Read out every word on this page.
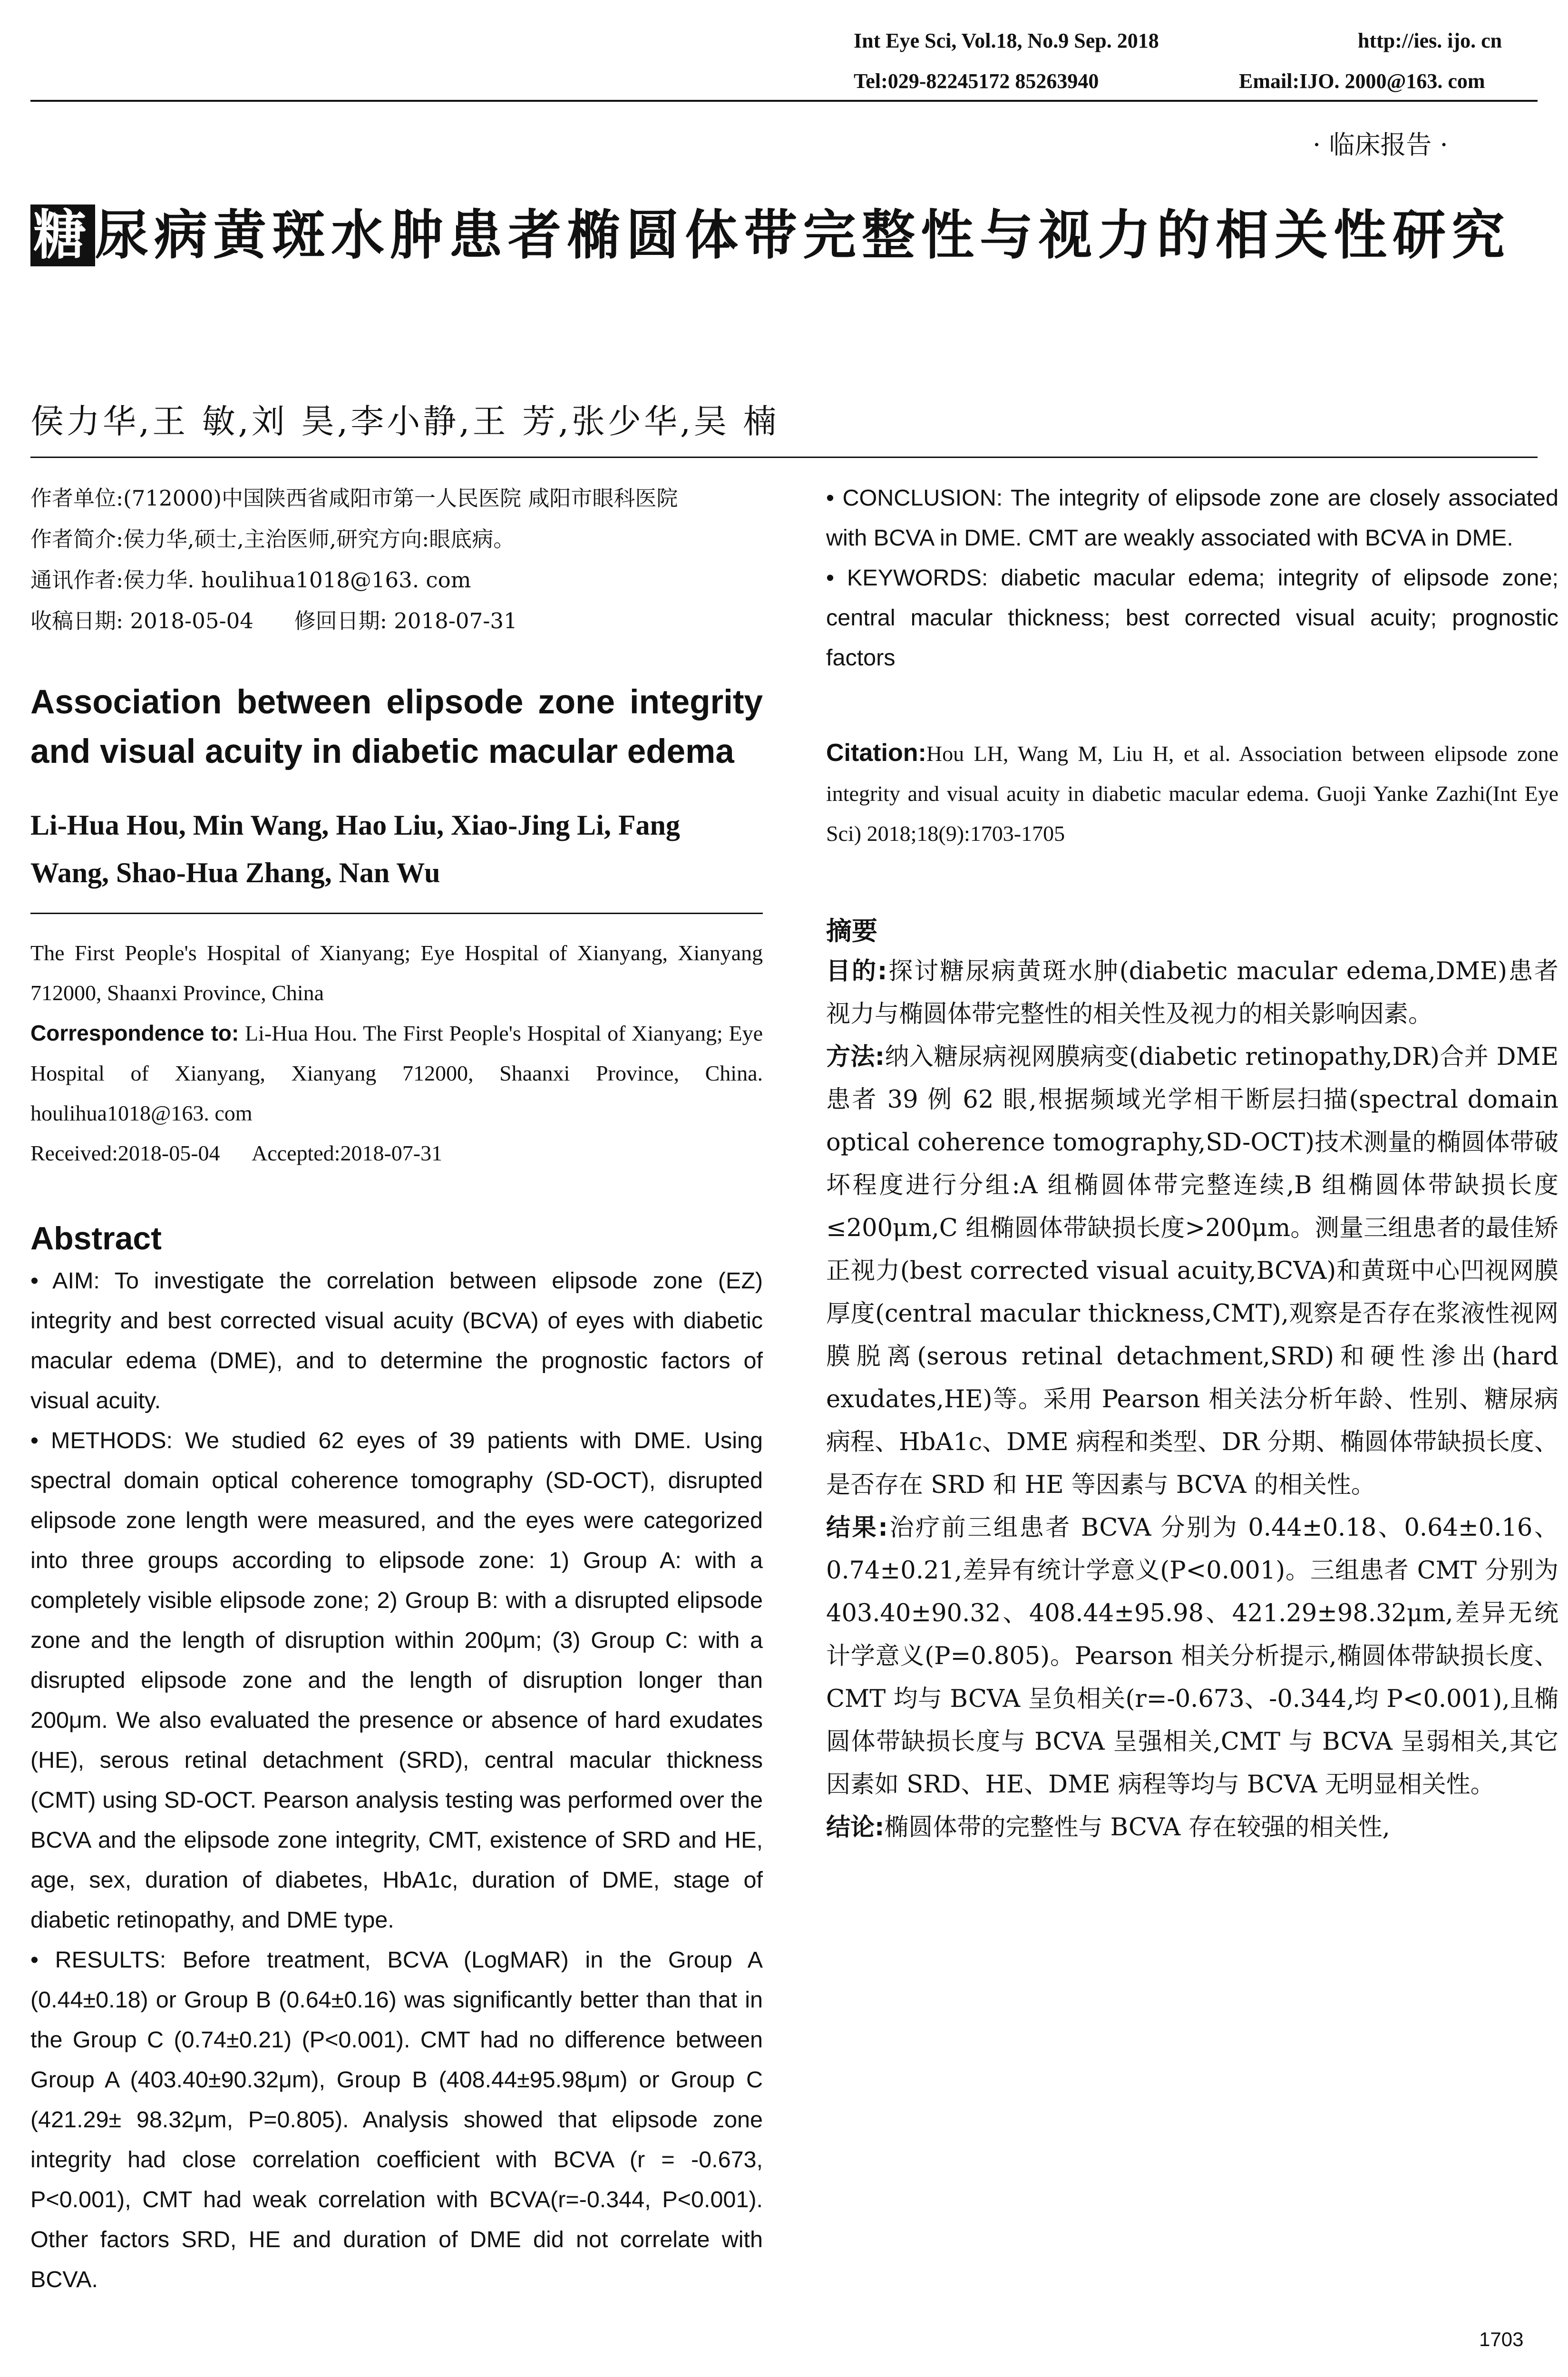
Int Eye Sci, Vol.18, No.9 Sep. 2018	http://ies. ijo. cn
Tel:029-82245172 85263940	Email:IJO. 2000@163. com
· 临床报告 ·
糖尿病黄斑水肿患者椭圆体带完整性与视力的相关性研究
侯力华,王 敏,刘 昊,李小静,王 芳,张少华,吴 楠

作者单位:(712000)中国陕西省咸阳市第一人民医院 咸阳市眼科医院

作者简介:侯力华,硕士,主治医师,研究方向:眼底病。

通讯作者:侯力华. houlihua1018@163. com

收稿日期: 2018-05-04      修回日期: 2018-07-31

Association between elipsode zone integrity and visual acuity in diabetic macular edema
Li-Hua Hou, Min Wang, Hao Liu, Xiao-Jing Li, Fang Wang, Shao-Hua Zhang, Nan Wu

The First People's Hospital of Xianyang; Eye Hospital of Xianyang, Xianyang 712000, Shaanxi Province, China

Correspondence to: Li-Hua Hou. The First People's Hospital of Xianyang; Eye Hospital of Xianyang, Xianyang 712000, Shaanxi Province, China. houlihua1018@163. com

Received:2018-05-04      Accepted:2018-07-31

Abstract

• AIM: To investigate the correlation between elipsode zone (EZ) integrity and best corrected visual acuity (BCVA) of eyes with diabetic macular edema (DME), and to determine the prognostic factors of visual acuity.

• METHODS: We studied 62 eyes of 39 patients with DME. Using spectral domain optical coherence tomography (SD-OCT), disrupted elipsode zone length were measured, and the eyes were categorized into three groups according to elipsode zone: 1) Group A: with a completely visible elipsode zone; 2) Group B: with a disrupted elipsode zone and the length of disruption within 200μm; (3) Group C: with a disrupted elipsode zone and the length of disruption longer than 200μm. We also evaluated the presence or absence of hard exudates (HE), serous retinal detachment (SRD), central macular thickness (CMT) using SD-OCT. Pearson analysis testing was performed over the BCVA and the elipsode zone integrity, CMT, existence of SRD and HE, age, sex, duration of diabetes, HbA1c, duration of DME, stage of diabetic retinopathy, and DME type.

• RESULTS: Before treatment, BCVA (LogMAR) in the Group A (0.44±0.18) or Group B (0.64±0.16) was significantly better than that in the Group C (0.74±0.21) (P<0.001). CMT had no difference between Group A (403.40±90.32μm), Group B (408.44±95.98μm) or Group C (421.29± 98.32μm, P=0.805). Analysis showed that elipsode zone integrity had close correlation coefficient with BCVA (r = -0.673, P<0.001), CMT had weak correlation with BCVA(r=-0.344, P<0.001). Other factors SRD, HE and duration of DME did not correlate with BCVA.

• CONCLUSION: The integrity of elipsode zone are closely associated with BCVA in DME. CMT are weakly associated with BCVA in DME.

• KEYWORDS: diabetic macular edema; integrity of elipsode zone; central macular thickness; best corrected visual acuity; prognostic factors

Citation:Hou LH, Wang M, Liu H, et al. Association between elipsode zone integrity and visual acuity in diabetic macular edema. Guoji Yanke Zazhi(Int Eye Sci) 2018;18(9):1703-1705
摘要

目的:探讨糖尿病黄斑水肿(diabetic macular edema,DME)患者视力与椭圆体带完整性的相关性及视力的相关影响因素。

方法:纳入糖尿病视网膜病变(diabetic retinopathy,DR)合并 DME 患者 39 例 62 眼,根据频域光学相干断层扫描(spectral domain optical coherence tomography,SD-OCT)技术测量的椭圆体带破坏程度进行分组:A 组椭圆体带完整连续,B 组椭圆体带缺损长度≤200μm,C 组椭圆体带缺损长度>200μm。测量三组患者的最佳矫正视力(best corrected visual acuity,BCVA)和黄斑中心凹视网膜厚度(central macular thickness,CMT),观察是否存在浆液性视网膜脱离(serous retinal detachment,SRD)和硬性渗出(hard exudates,HE)等。采用 Pearson 相关法分析年龄、性别、糖尿病病程、HbA1c、DME 病程和类型、DR 分期、椭圆体带缺损长度、是否存在 SRD 和 HE 等因素与 BCVA 的相关性。

结果:治疗前三组患者 BCVA 分别为 0.44±0.18、0.64±0.16、0.74±0.21,差异有统计学意义(P<0.001)。三组患者 CMT 分别为 403.40±90.32、408.44±95.98、421.29±98.32μm,差异无统计学意义(P=0.805)。Pearson 相关分析提示,椭圆体带缺损长度、CMT 均与 BCVA 呈负相关(r=-0.673、-0.344,均 P<0.001),且椭圆体带缺损长度与 BCVA 呈强相关,CMT 与 BCVA 呈弱相关,其它因素如 SRD、HE、DME 病程等均与 BCVA 无明显相关性。

结论:椭圆体带的完整性与 BCVA 存在较强的相关性,

1703
